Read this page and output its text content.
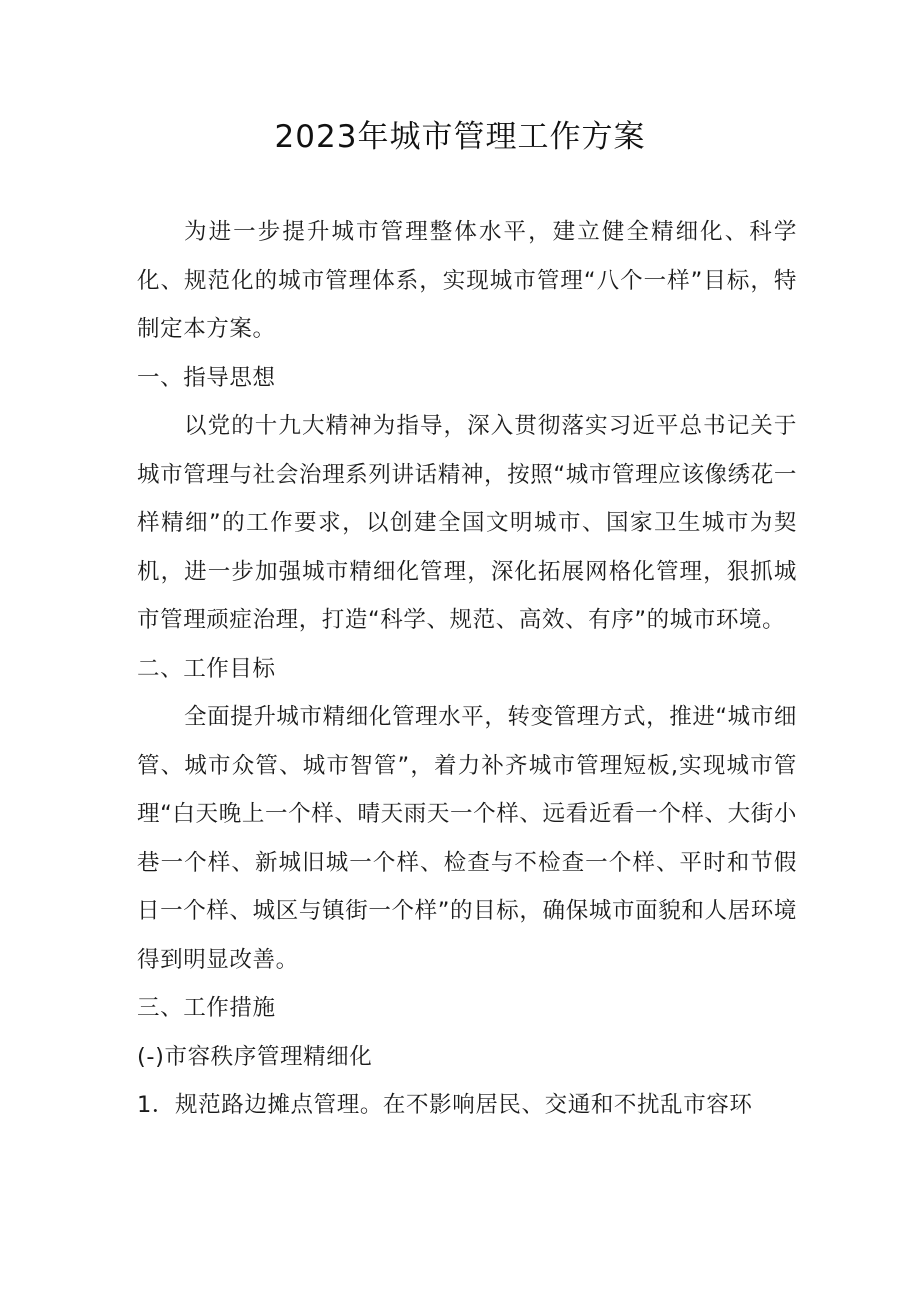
2023年城市管理工作方案

为进一步提升城市管理整体水平，建立健全精细化、科学化、规范化的城市管理体系，实现城市管理“八个一样”目标，特制定本方案。

一、指导思想

以党的十九大精神为指导，深入贯彻落实习近平总书记关于城市管理与社会治理系列讲话精神，按照“城市管理应该像绣花一样精细”的工作要求，以创建全国文明城市、国家卫生城市为契机，进一步加强城市精细化管理，深化拓展网格化管理，狠抓城市管理顽症治理，打造“科学、规范、高效、有序”的城市环境。

二、工作目标

全面提升城市精细化管理水平，转变管理方式，推进“城市细管、城市众管、城市智管”，着力补齐城市管理短板,实现城市管理“白天晚上一个样、晴天雨天一个样、远看近看一个样、大街小巷一个样、新城旧城一个样、检查与不检查一个样、平时和节假日一个样、城区与镇街一个样”的目标，确保城市面貌和人居环境得到明显改善。

三、工作措施

(-)市容秩序管理精细化

1．规范路边摊点管理。在不影响居民、交通和不扰乱市容环
